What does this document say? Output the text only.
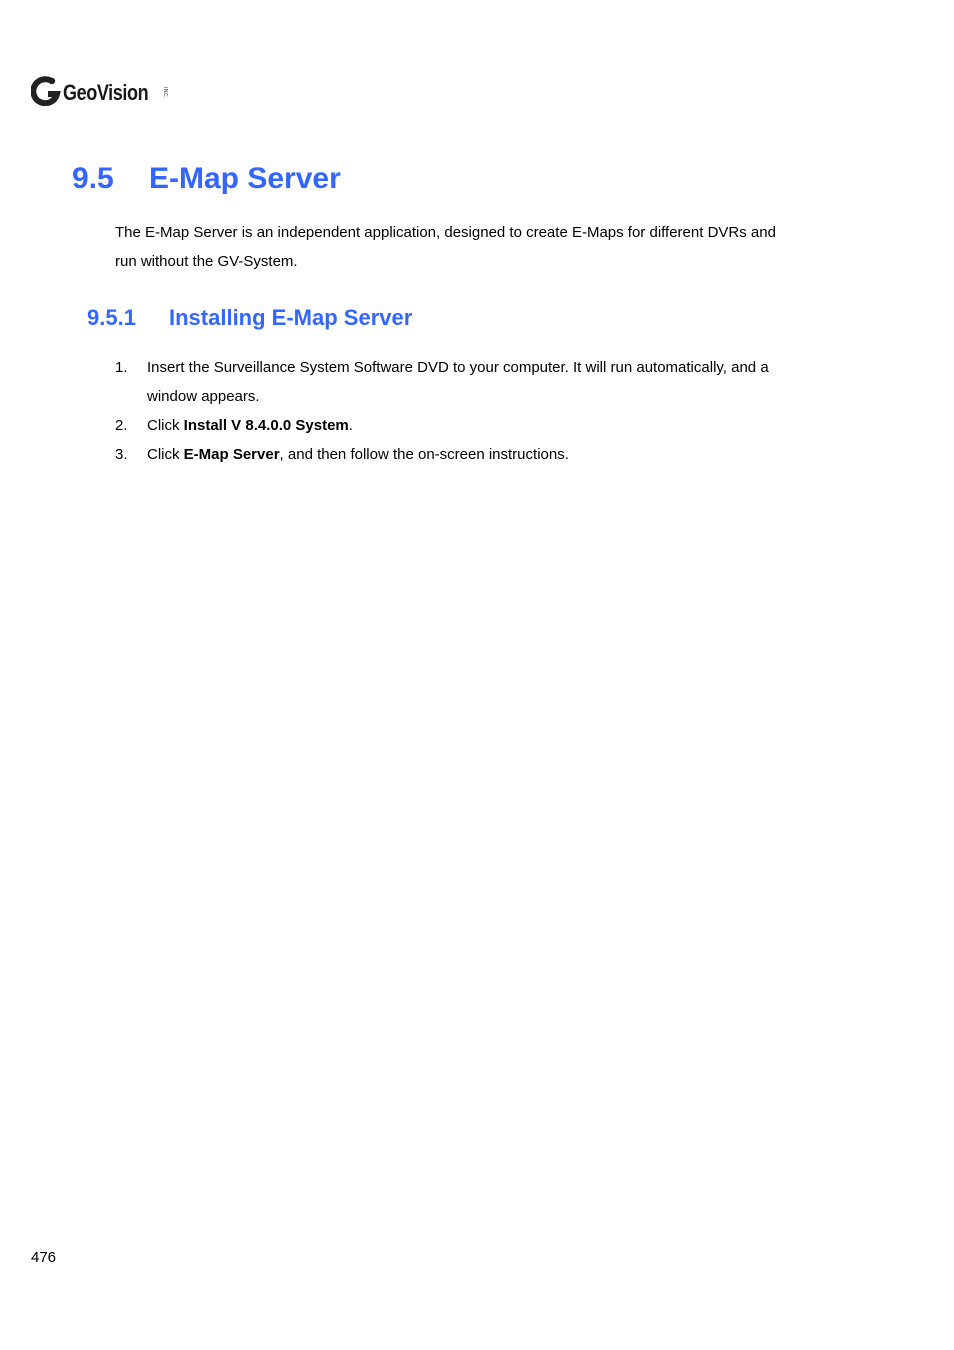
GeoVision	INC.
9.5 E-Map Server

The E-Map Server is an independent application, designed to create E-Maps for different DVRs and
run without the GV-System.

9.5.1 Installing E-Map Server
1.	Insert the Surveillance System Software DVD to your computer. It will run automatically, and a
window appears.
2.	Click Install V 8.4.0.0 System.
3.	Click E-Map Server, and then follow the on-screen instructions.
476
